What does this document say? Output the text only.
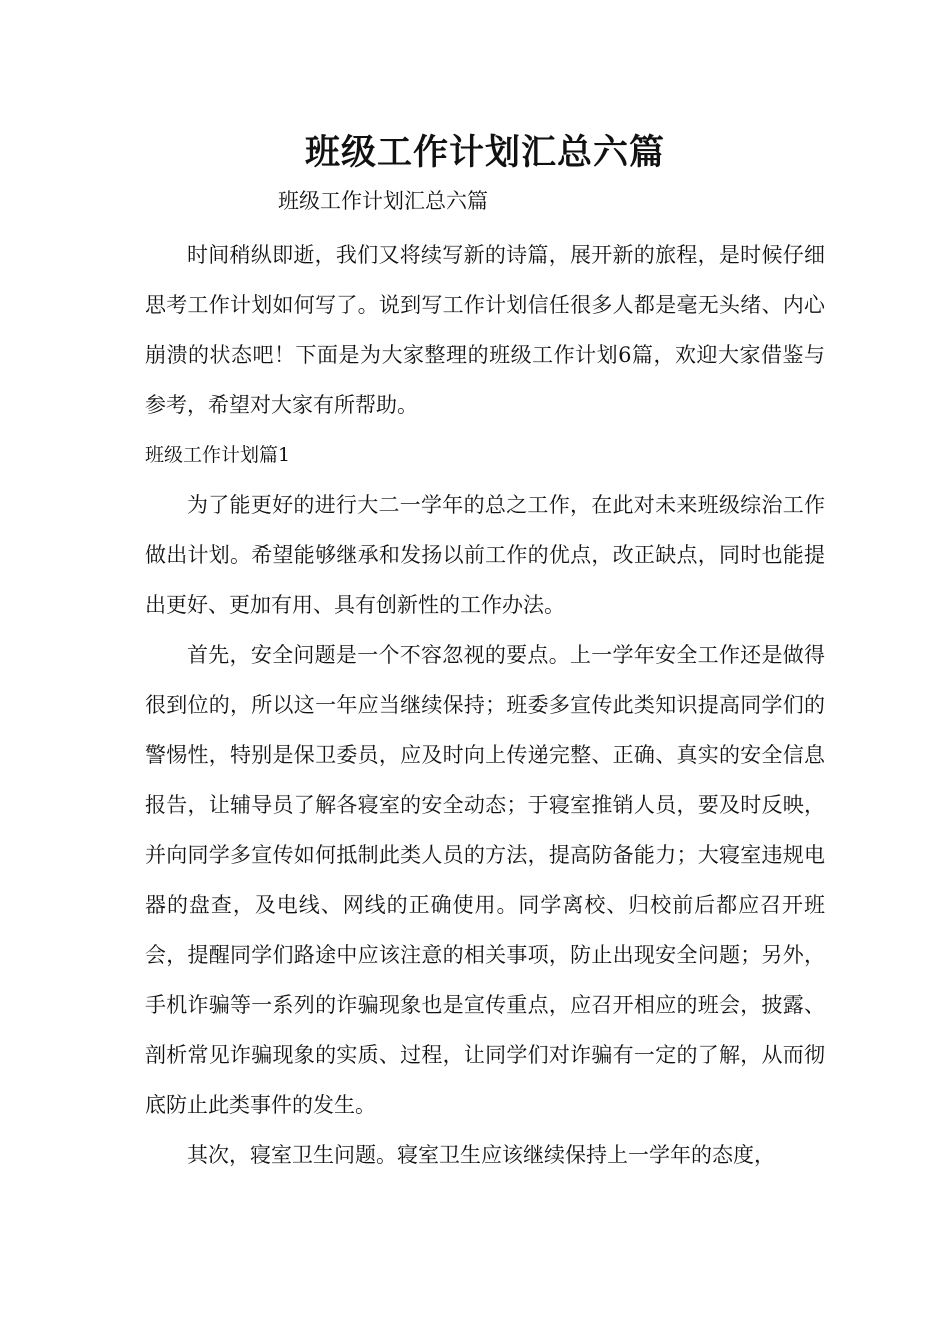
班级工作计划汇总六篇
班级工作计划汇总六篇

时间稍纵即逝，我们又将续写新的诗篇，展开新的旅程，是时候仔细思考工作计划如何写了。说到写工作计划信任很多人都是毫无头绪、内心崩溃的状态吧！下面是为大家整理的班级工作计划6篇，欢迎大家借鉴与参考，希望对大家有所帮助。

班级工作计划篇1

为了能更好的进行大二一学年的总之工作，在此对未来班级综治工作做出计划。希望能够继承和发扬以前工作的优点，改正缺点，同时也能提出更好、更加有用、具有创新性的工作办法。

首先，安全问题是一个不容忽视的要点。上一学年安全工作还是做得很到位的，所以这一年应当继续保持；班委多宣传此类知识提高同学们的警惕性，特别是保卫委员，应及时向上传递完整、正确、真实的安全信息报告，让辅导员了解各寝室的安全动态；于寝室推销人员，要及时反映，并向同学多宣传如何抵制此类人员的方法，提高防备能力；大寝室违规电器的盘查，及电线、网线的正确使用。同学离校、归校前后都应召开班会，提醒同学们路途中应该注意的相关事项，防止出现安全问题；另外，手机诈骗等一系列的诈骗现象也是宣传重点，应召开相应的班会，披露、剖析常见诈骗现象的实质、过程，让同学们对诈骗有一定的了解，从而彻底防止此类事件的发生。

其次，寝室卫生问题。寝室卫生应该继续保持上一学年的态度，
